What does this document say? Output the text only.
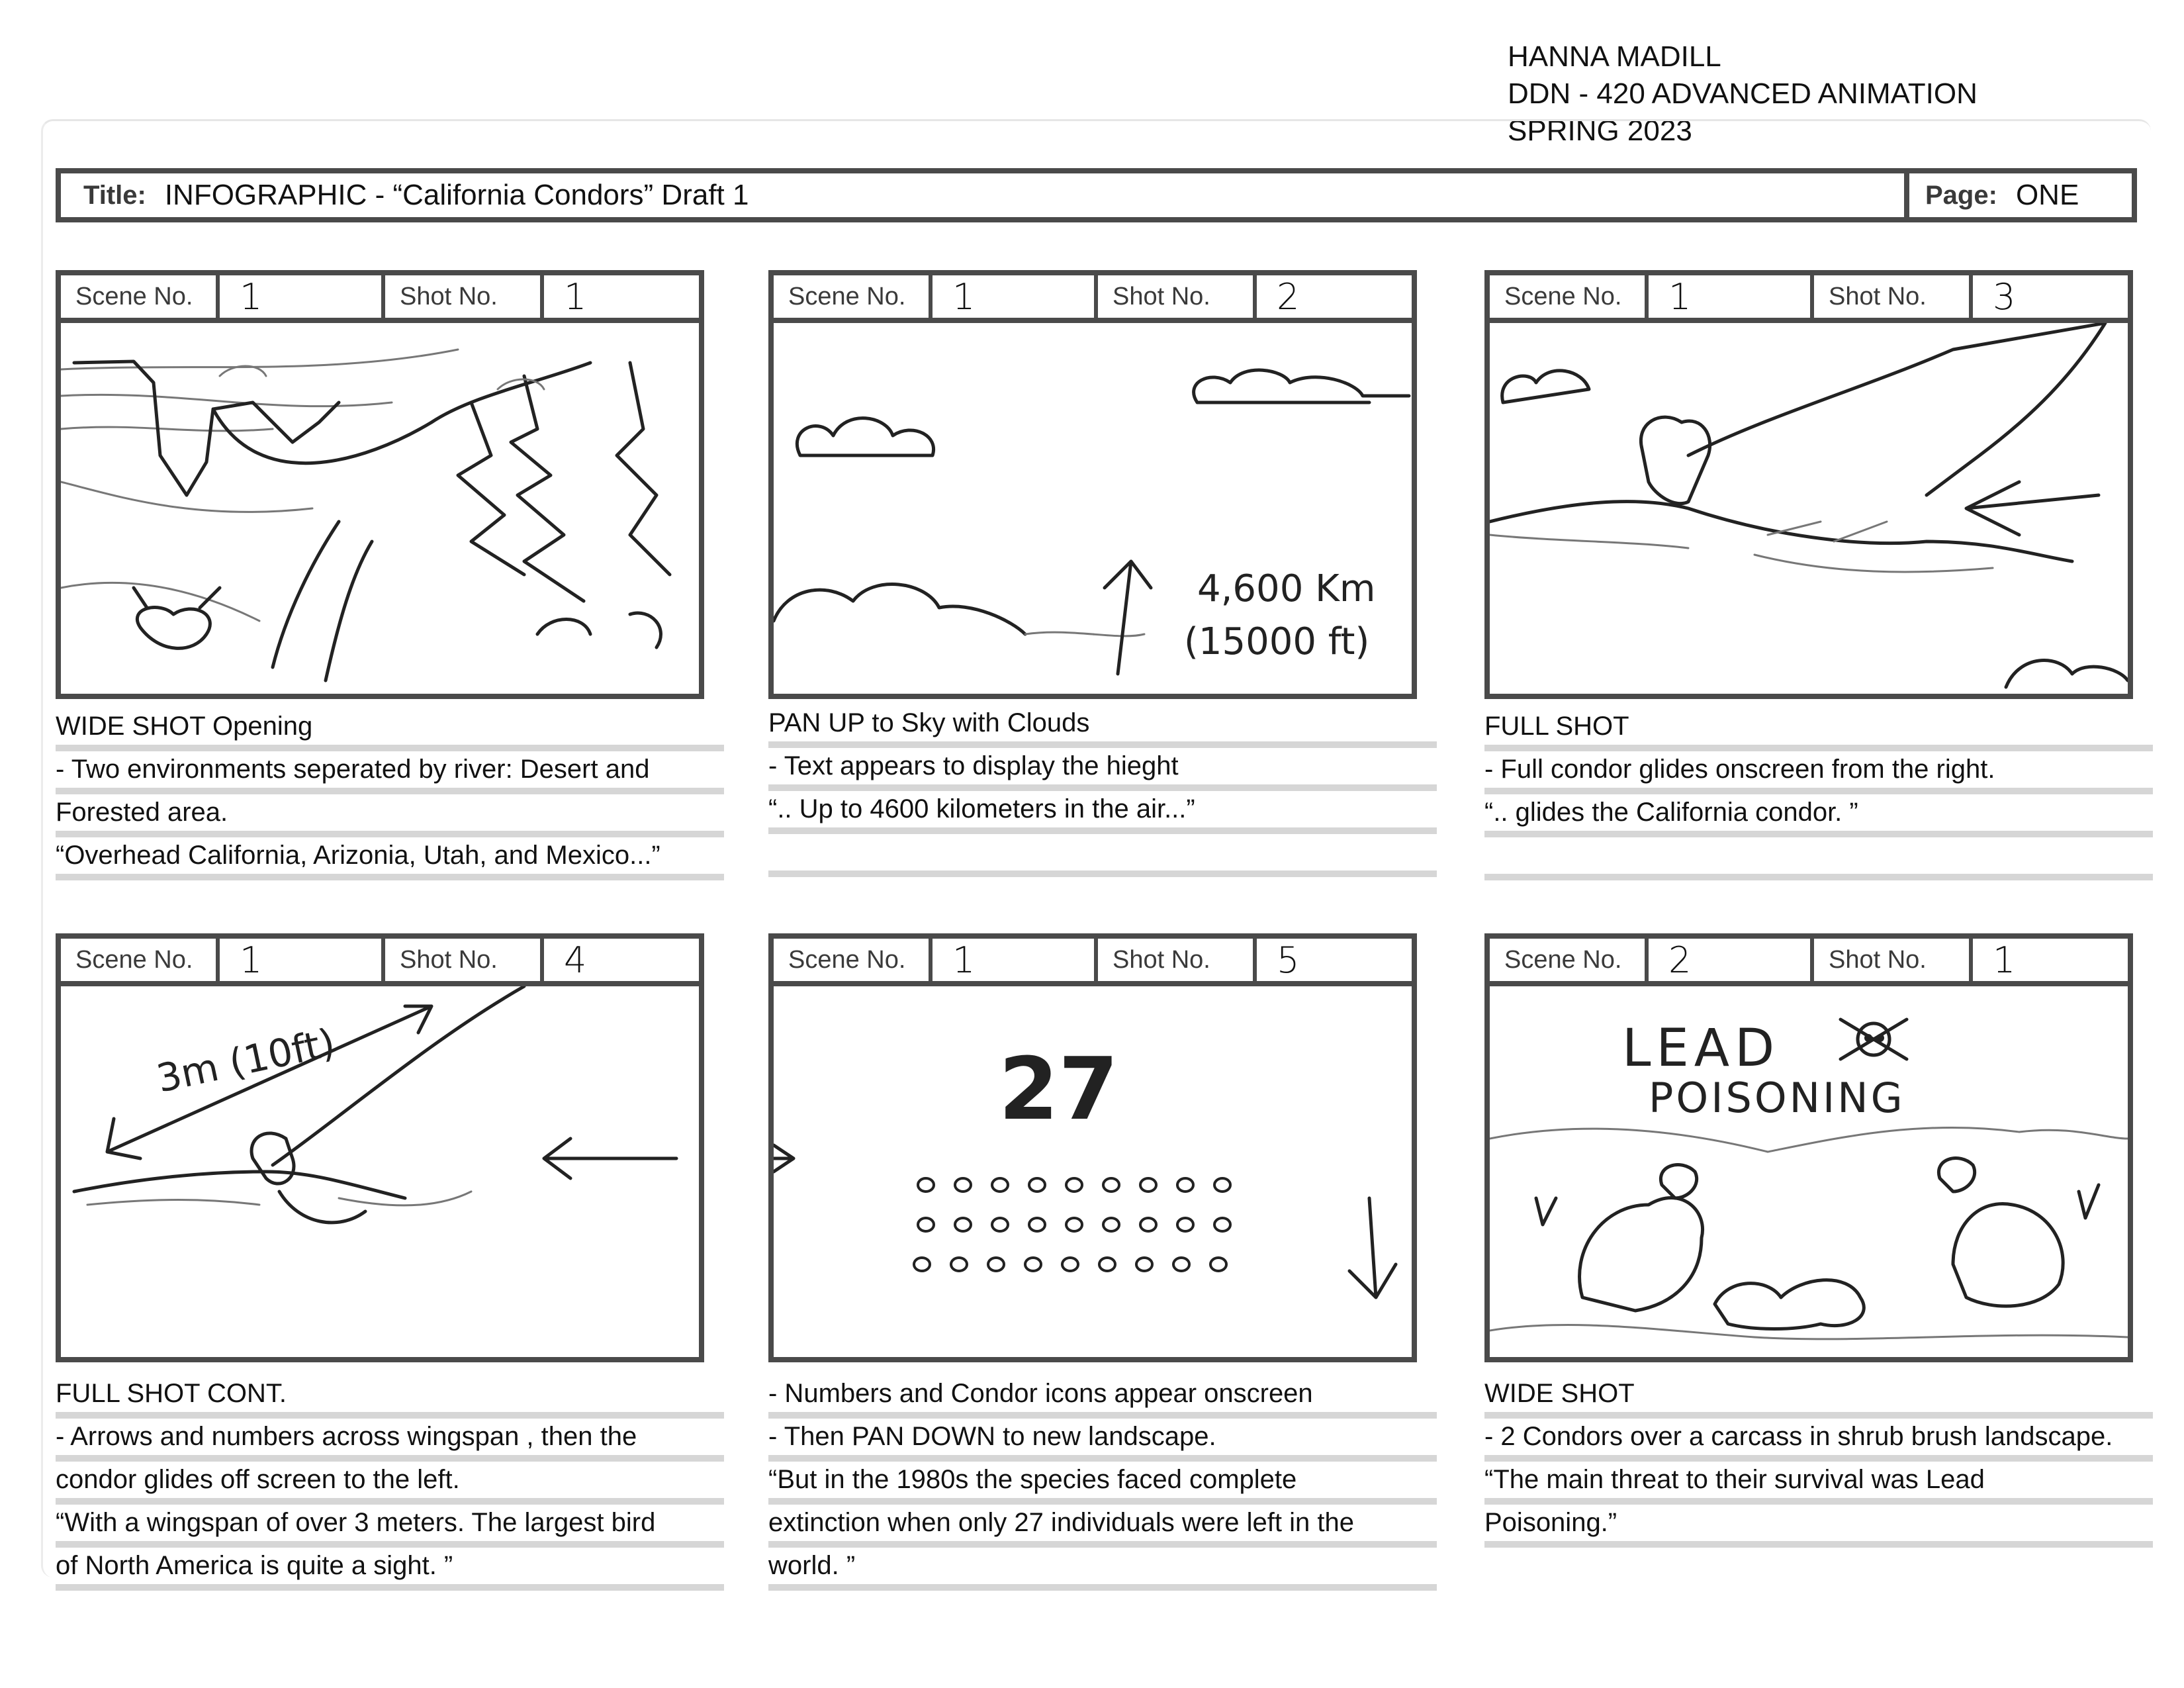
HANNA MADILL
DDN - 420 ADVANCED ANIMATION
SPRING 2023
Title: INFOGRAPHIC - “California Condors” Draft 1	Page: ONE
Scene No.	1	Shot No.	1	Scene No.	1	Shot No.	2
4,600 Km
(15000 ft)
Scene No.	1	Shot No.	3
Scene No.	1	Shot No.	4
3m (10ft)
Scene No.	1	Shot No.	5
27
Scene No.	2	Shot No.	1
LEAD
POISONING
WIDE SHOT Opening
- Two environments seperated by river: Desert and
Forested area.
“Overhead California, Arizonia, Utah, and Mexico...”
PAN UP to Sky with Clouds
- Text appears to display the hieght
“.. Up to 4600 kilometers in the air...”
FULL SHOT
- Full condor glides onscreen from the right.
“.. glides the California condor. ”
FULL SHOT CONT.
- Arrows and numbers across wingspan , then the
condor glides off screen to the left.
“With a wingspan of over 3 meters. The largest bird
of North America is quite a sight. ”
- Numbers and Condor icons appear onscreen
- Then PAN DOWN to new landscape.
“But in the 1980s the species faced complete
extinction when only 27 individuals were left in the
world. ”
WIDE SHOT
- 2 Condors over a carcass in shrub brush landscape.
“The main threat to their survival was Lead
Poisoning.”
